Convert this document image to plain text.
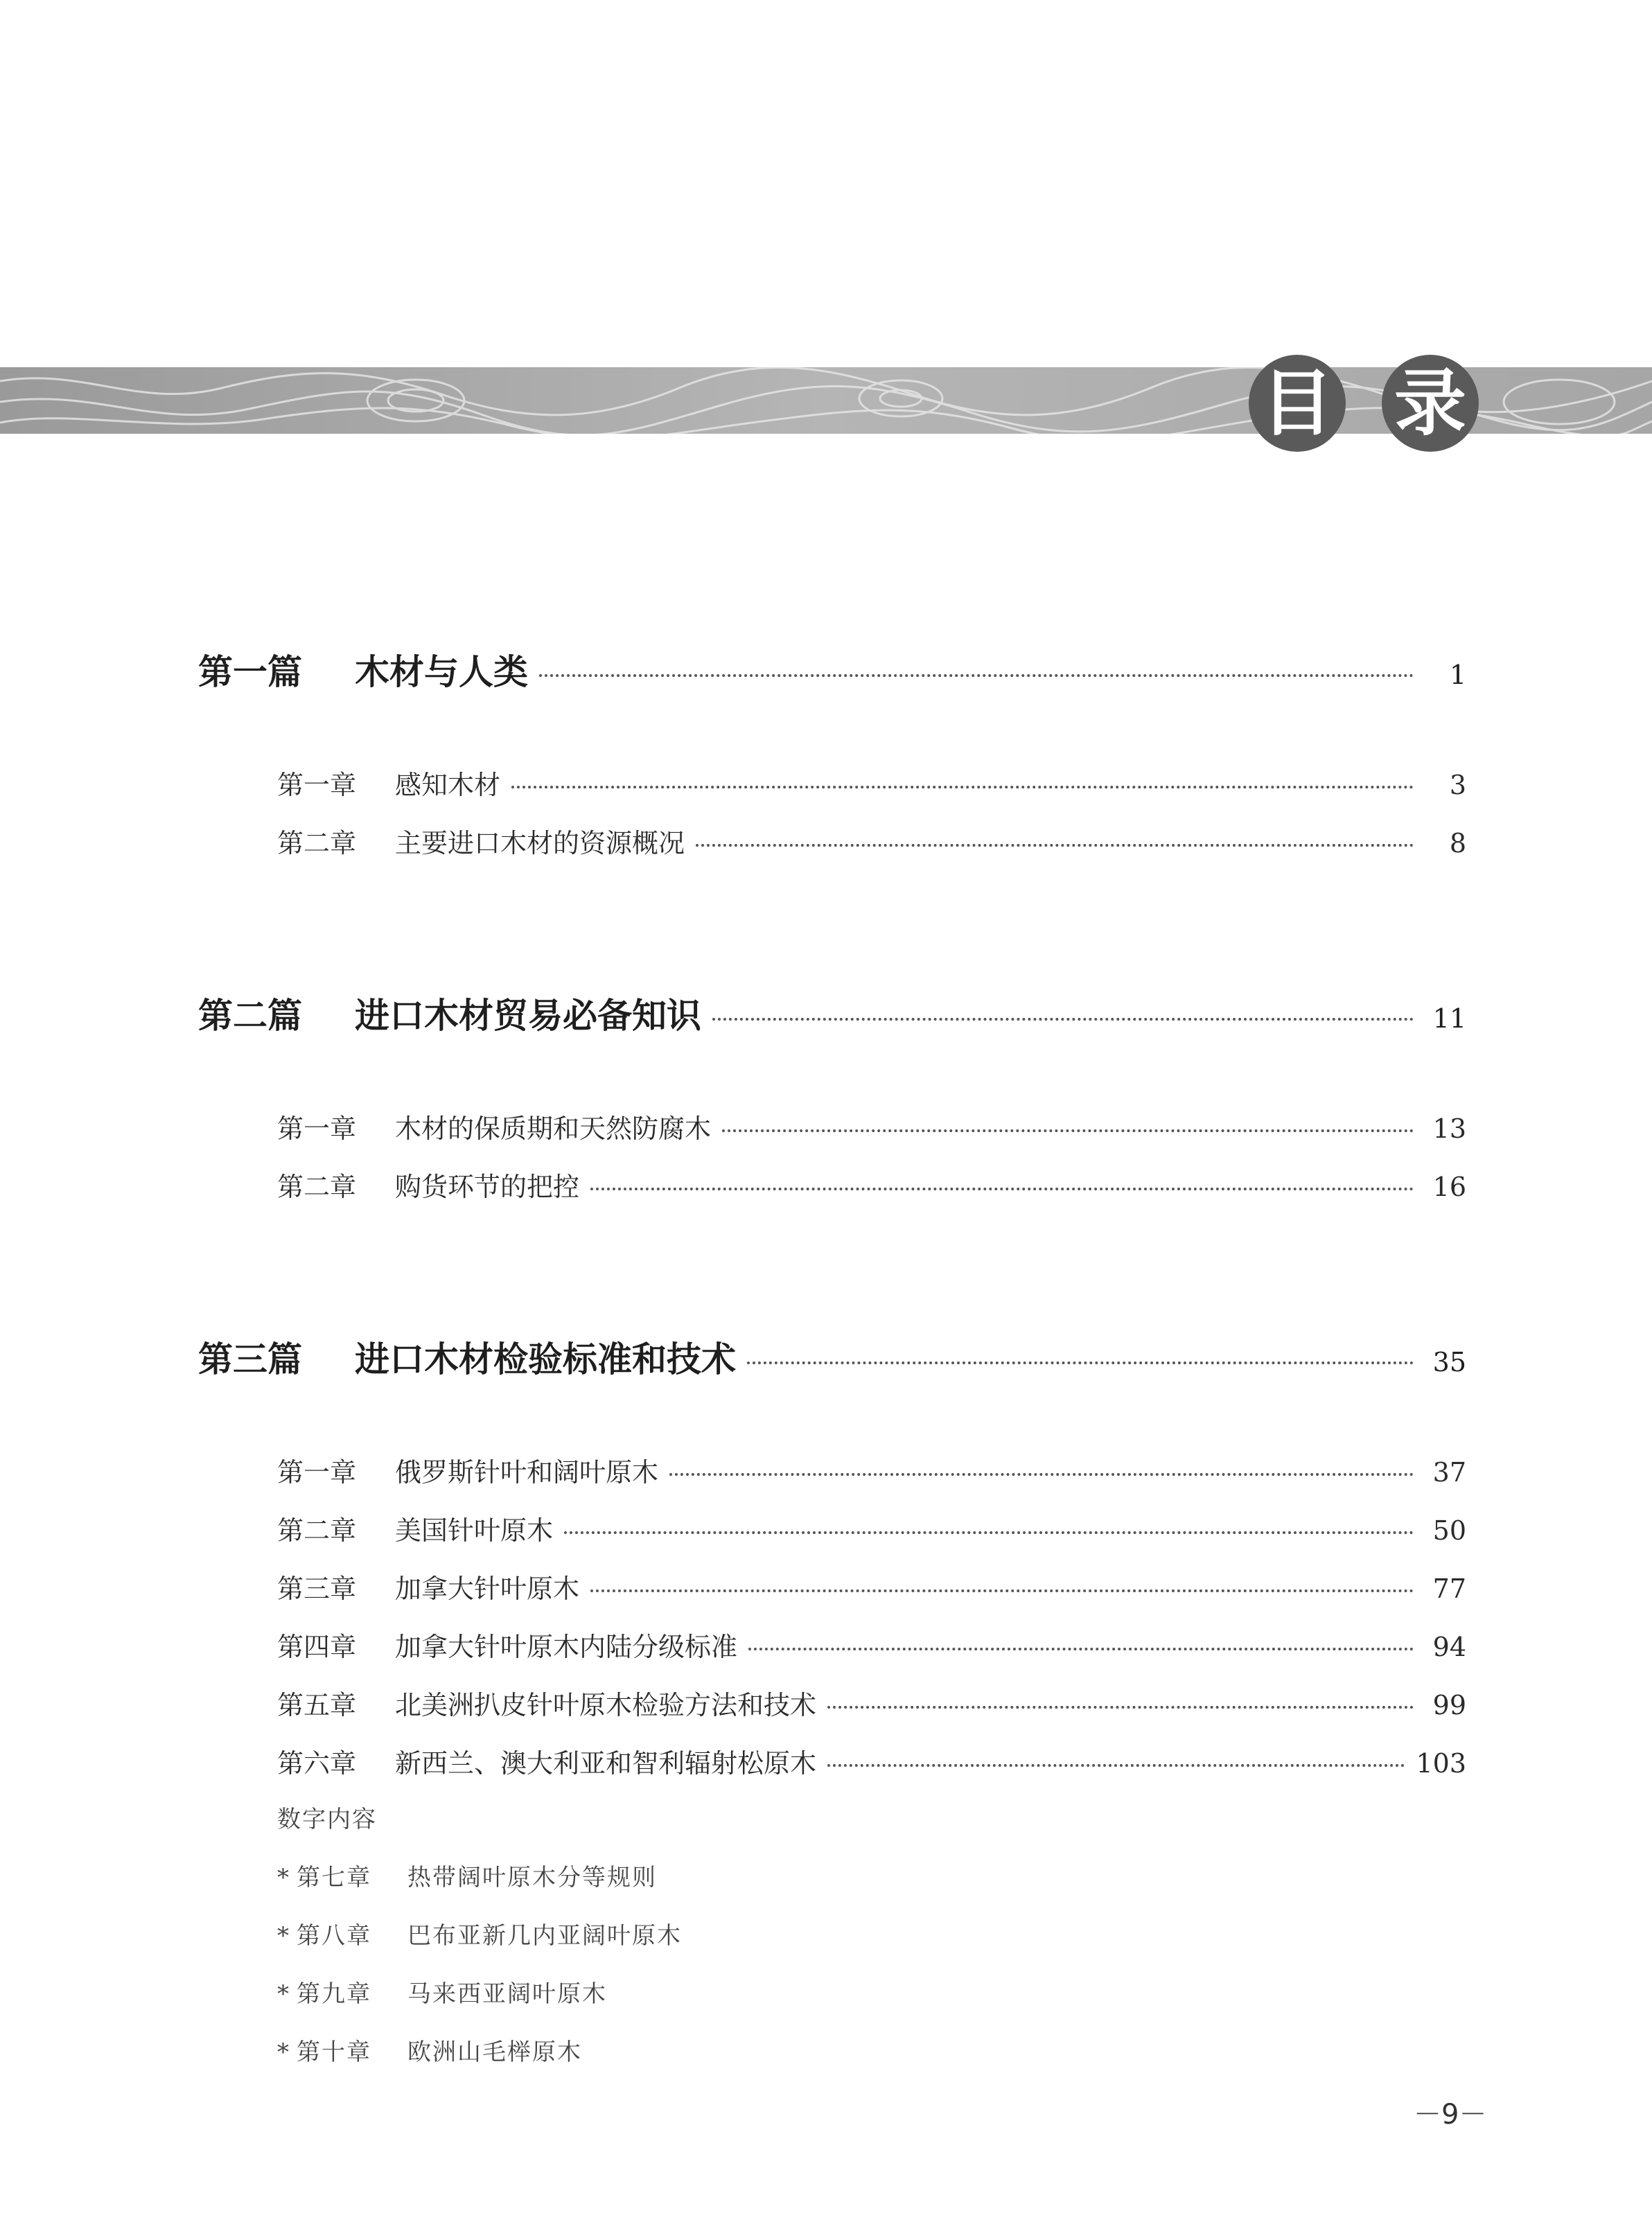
目 录
第一篇	木材与人类	1
第一章	感知木材	3
第二章	主要进口木材的资源概况	8
第二篇	进口木材贸易必备知识	11
第一章	木材的保质期和天然防腐木	13
第二章	购货环节的把控	16
第三篇	进口木材检验标准和技术	35
第一章	俄罗斯针叶和阔叶原木	37
第二章	美国针叶原木	50
第三章	加拿大针叶原木	77
第四章	加拿大针叶原木内陆分级标准	94
第五章	北美洲扒皮针叶原木检验方法和技术	99
第六章	新西兰、澳大利亚和智利辐射松原木	103
数字内容
* 第七章 热带阔叶原木分等规则
* 第八章 巴布亚新几内亚阔叶原木
* 第九章 马来西亚阔叶原木
* 第十章 欧洲山毛榉原木
－9－
